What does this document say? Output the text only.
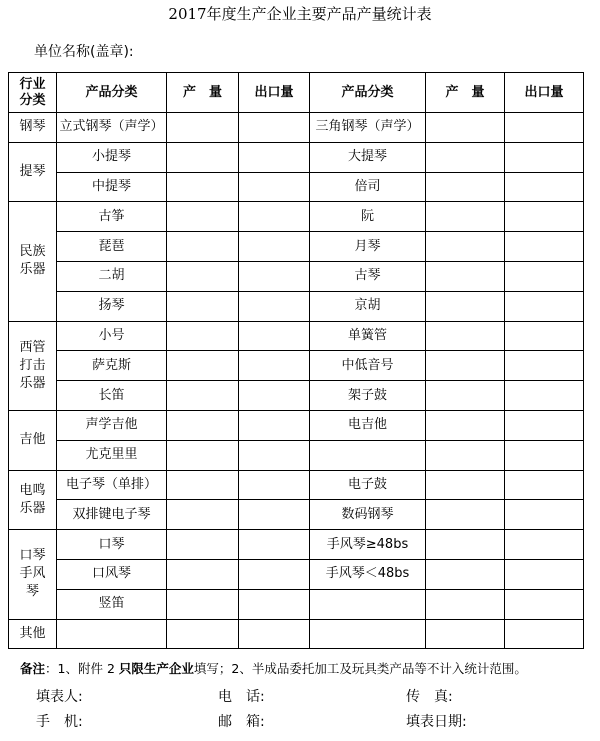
2017年度生产企业主要产品产量统计表
单位名称(盖章):
行业
分类	产品分类	产　量	出口量	产品分类	产　量	出口量

钢琴	立式钢琴（声学）			三角钢琴（声学）		

提琴	小提琴			大提琴		
	中提琴			倍司		

民族
乐器	古筝			阮		
	琵琶			月琴		
	二胡			古琴		
	扬琴			京胡		

西管
打击
乐器	小号			单簧管		
	萨克斯			中低音号		
	长笛			架子鼓		

吉他	声学吉他			电吉他		
	尤克里里					

电鸣
乐器	电子琴（单排）			电子鼓		
	双排键电子琴			数码钢琴		

口琴
手风
琴	口琴			手风琴≥48bs		
	口风琴			手风琴＜48bs		
	竖笛					

其他						

备注：1、附件 2 只限生产企业填写；2、半成品委托加工及玩具类产品等不计入统计范围。
填表人:	电　话:	传　真:
手　机:	邮　箱:	填表日期:
